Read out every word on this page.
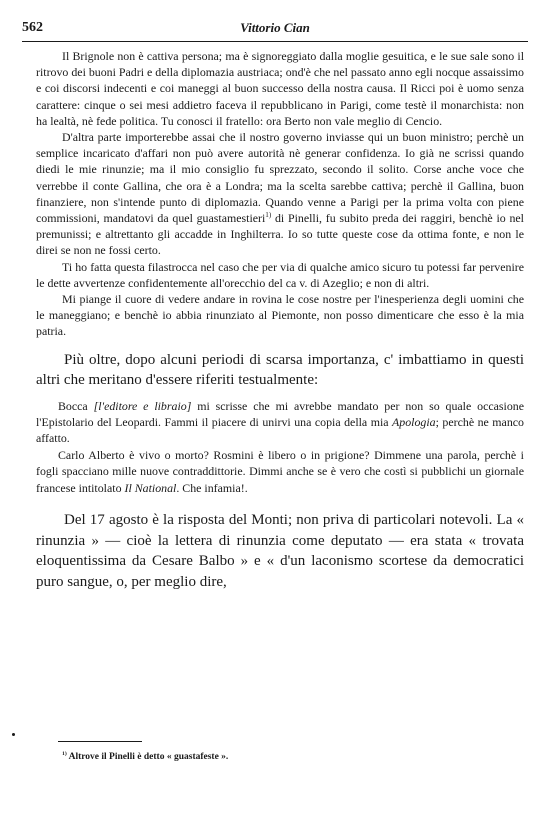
562	Vittorio Cian

Il Brignole non è cattiva persona; ma è signoreggiato dalla moglie gesuitica, e le sue sale sono il ritrovo dei buoni Padri e della diplomazia austriaca; ond'è che nel passato anno egli nocque assaissimo e coi discorsi indecenti e coi maneggi al buon successo della nostra causa. Il Ricci poi è uomo senza carattere: cinque o sei mesi addietro faceva il repubblicano in Parigi, come testè il monarchista: non ha lealtà, nè fede politica. Tu conosci il fratello: ora Berto non vale meglio di Cencio.

D'altra parte importerebbe assai che il nostro governo inviasse qui un buon ministro; perchè un semplice incaricato d'affari non può avere autorità nè generar confidenza. Io già ne scrissi quando diedi le mie rinunzie; ma il mio consiglio fu sprezzato, secondo il solito. Corse anche voce che verrebbe il conte Gallina, che ora è a Londra; ma la scelta sarebbe cattiva; perchè il Gallina, buon finanziere, non s'intende punto di diplomazia. Quando venne a Parigi per la prima volta con piene commissioni, mandatovi da quel guastamestieri$^{1)}$ di Pinelli, fu subito preda dei raggiri, benchè io nel premunissi; e altrettanto gli accadde in Inghilterra. Io so tutte queste cose da ottima fonte, e non le direi se non ne fossi certo.

Ti ho fatta questa filastrocca nel caso che per via di qualche amico sicuro tu potessi far pervenire le dette avvertenze confidentemente all'orecchio del ca v. di Azeglio; e non di altri.

Mi piange il cuore di vedere andare in rovina le cose nostre per l'inesperienza degli uomini che le maneggiano; e benchè io abbia rinunziato al Piemonte, non posso dimenticare che esso è la mia patria.

Più oltre, dopo alcuni periodi di scarsa importanza, c' imbattiamo in questi altri che meritano d'essere riferiti testualmente:

Bocca [l'editore e libraio] mi scrisse che mi avrebbe mandato per non so quale occasione l'Epistolario del Leopardi. Fammi il piacere di unirvi una copia della mia Apologia; perchè ne manco affatto.

Carlo Alberto è vivo o morto? Rosmini è libero o in prigione? Dimmene una parola, perchè i fogli spacciano mille nuove contraddittorie. Dimmi anche se è vero che costì si pubblichi un giornale francese intitolato Il National. Che infamia!.

Del 17 agosto è la risposta del Monti; non priva di particolari notevoli. La « rinunzia » — cioè la lettera di rinunzia come deputato — era stata « trovata eloquentissima da Cesare Balbo » e « d'un laconismo scortese da democratici puro sangue, o, per meglio dire,

$^{1)}$ Altrove il Pinelli è detto « guastafeste ».
